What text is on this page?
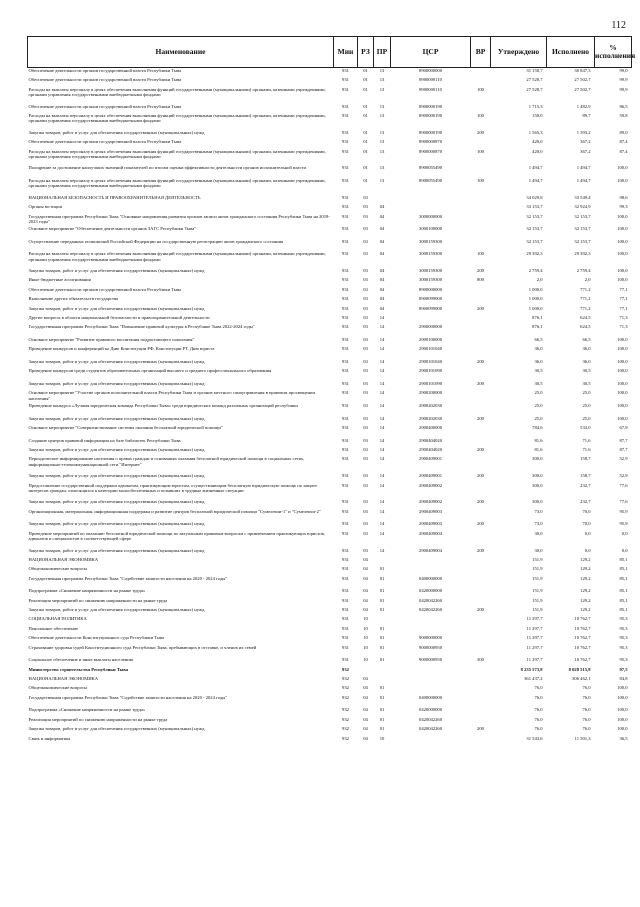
112
Наименование	Мин	РЗ	ПР	ЦСР	ВР	Утверждено	Исполнено	% исполнения
Обеспечение деятельности органов государственной власти Республики Тыва	931	01	13	8900000000		31 158,7	30 847,3	99,0
Обеспечение деятельности органов государственной власти Республики Тыва	931	01	13	8900000110		27 528,7	27 502,7	99,9
Расходы на выплаты персоналу в целях обеспечения выполнения функций государственными (муниципальными) органами, казенными учреждениями, органами управления государственными внебюджетными фондами	931	01	13	8900000110	100	27 528,7	27 502,7	99,9
Обеспечение деятельности органов государственной власти Республики Тыва	931	01	13	8900000190		1 715,3	1 482,9	86,5
Расходы на выплаты персоналу в целях обеспечения выполнения функций государственными (муниципальными) органами, казенными учреждениями, органами управления государственными внебюджетными фондами	931	01	13	8900000190	100	150,0	89,7	59,8
Закупка товаров, работ и услуг для обеспечения государственных (муниципальных) нужд	931	01	13	8900000190	200	1 565,3	1 393,2	89,0
Обеспечение деятельности органов государственной власти Республики Тыва	931	01	13	8900000870		420,0	367,2	87,4
Расходы на выплаты персоналу в целях обеспечения выполнения функций государственными (муниципальными) органами, казенными учреждениями, органами управления государственными внебюджетными фондами	931	01	13	8900000870	100	420,0	367,2	87,4
Поощрение за достижение наилучших значений показателей по итогам оценки эффективности деятельности органов исполнительной власти	931	01	13	8900055490		1 494,7	1 494,7	100,0
Расходы на выплаты персоналу в целях обеспечения выполнения функций государственными (муниципальными) органами, казенными учреждениями, органами управления государственными внебюджетными фондами	931	01	13	8900055490	100	1 494,7	1 494,7	100,0
НАЦИОНАЛЬНАЯ БЕЗОПАСНОСТЬ И ПРАВООХРАНИТЕЛЬНАЯ ДЕЯТЕЛЬНОСТЬ	931	03				34 029,8	33 549,4	98,6
Органы юстиции	931	03	04			33 153,7	32 924,9	99,3
Государственная программа Республики Тыва "Основные направления развития органов записи актов гражданского состояния Республики Тыва на 2018-2023 годы"	931	03	04	3000000000		32 153,7	32 153,7	100,0
Основное мероприятие "Обеспечение деятельности органов ЗАГС Республики Тыва"	931	03	04	3000100000		32 153,7	32 153,7	100,0
Осуществление переданных полномочий Российской Федерации на государственную регистрацию актов гражданского состояния	931	03	04	3000159300		32 153,7	32 153,7	100,0
Расходы на выплаты персоналу в целях обеспечения выполнения функций государственными (муниципальными) органами, казенными учреждениями, органами управления государственными внебюджетными фондами	931	03	04	3000159300	100	29 392,3	29 392,3	100,0
Закупка товаров, работ и услуг для обеспечения государственных (муниципальных) нужд	931	03	04	3000159300	200	2 759,4	2 759,4	100,0
Иные бюджетные ассигнования	931	03	04	3000159300	800	2,0	2,0	100,0
Обеспечение деятельности органов государственной власти Республики Тыва	931	03	04	8900000000		1 000,0	771,2	77,1
Выполнение других обязательств государства	931	03	04	8900099000		1 000,0	771,2	77,1
Закупка товаров, работ и услуг для обеспечения государственных (муниципальных) нужд	931	03	04	8900099000	200	1 000,0	771,2	77,1
Другие вопросы в области национальной безопасности и правоохранительной деятельности	931	03	14			876,1	624,5	71,3
Государственная программа Республики Тыва "Повышение правовой культуры в Республике Тыва 2022-2024 годы"	931	03	14	2900000000		876,1	624,5	71,3
Основное мероприятие "Развитие правового воспитания подрастающего поколения"	931	03	14	2900100000		66,5	66,5	100,0
Проведение конкурсов и конференций ко Дню Конституции РФ, Конституции РТ, Дню юриста	931	03	14	2900101040		36,0	36,0	100,0
Закупка товаров, работ и услуг для обеспечения государственных (муниципальных) нужд	931	03	14	2900101040	200	36,0	36,0	100,0
Проведение конкурсов среди студентов образовательных организаций высшего и среднего профессионального образования	931	03	14	2900101090		30,5	30,5	100,0
Закупка товаров, работ и услуг для обеспечения государственных (муниципальных) нужд	931	03	14	2900101090	200	30,5	30,5	100,0
Основное мероприятие "Участие органов исполнительной власти Республики Тыва и органов местного самоуправления в правовом просвещении населения"	931	03	14	2900200000		25,0	25,0	100,0
Проведение конкурса «Лучшая юридическая команда Республики Тыва» среди юридических команд различных организаций республики	931	03	14	2900202030		25,0	25,0	100,0
Закупка товаров, работ и услуг для обеспечения государственных (муниципальных) нужд	931	03	14	2900202030	200	25,0	25,0	100,0
Основное мероприятие "Совершенствование системы оказания бесплатной юридической помощи"	931	03	14	2900400000		784,6	533,0	67,9
Создание центров правовой информации на базе библиотек Республики Тыва	931	03	14	2900404020		81,6	71,6	87,7
Закупка товаров, работ и услуг для обеспечения государственных (муниципальных) нужд	931	03	14	2900404020	200	81,6	71,6	87,7
Периодическое информирование населения о правах граждан и основаниях оказания бесплатной юридической помощи в социальных сетях, информационно-телекоммуникационной сети "Интернет"	931	03	14	2900409001		300,0	158,7	52,9
Закупка товаров, работ и услуг для обеспечения государственных (муниципальных) нужд	931	03	14	2900409001	200	300,0	158,7	52,9
Предоставление государственной поддержки адвокатам, практикующим юристам, осуществляющим бесплатную юридическую помощь по защите интересов граждан, относящихся к категории малообеспеченных и попавших в трудные жизненные ситуации	931	03	14	2900409002		300,0	232,7	77,6
Закупка товаров, работ и услуг для обеспечения государственных (муниципальных) нужд	931	03	14	2900409002	200	300,0	232,7	77,6
Организационная, материальная, информационная поддержка и развитие центров бесплатной юридической помощи "Сумелекчи-1" и "Сумелекчи-2"	931	03	14	2900409003		73,0	70,0	95,9
Закупка товаров, работ и услуг для обеспечения государственных (муниципальных) нужд	931	03	14	2900409003	200	73,0	70,0	95,9
Проведение мероприятий по оказанию бесплатной юридической помощи по актуальным правовым вопросам с привлечением практикующих юристов, адвокатов и специалистов в соответствующей сфере	931	03	14	2900409004		30,0	0,0	0,0
Закупка товаров, работ и услуг для обеспечения государственных (муниципальных) нужд	931	03	14	2900409004	200	30,0	0,0	0,0
НАЦИОНАЛЬНАЯ ЭКОНОМИКА	931	04				151,9	129,2	85,1
Общеэкономические вопросы	931	04	01			151,9	129,2	85,1
Государственная программа Республики Тыва "Содействие занятости населения на 2020 - 2024 годы"	931	04	01	0400000000		151,9	129,2	85,1
Подпрограмма «Снижение напряженности на рынке труда»	931	04	01	0420000000		151,9	129,2	85,1
Реализация мероприятий по снижению напряженности на рынке труда	931	04	01	0420042260		151,9	129,2	85,1
Закупка товаров, работ и услуг для обеспечения государственных (муниципальных) нужд	931	04	01	0420042260	200	151,9	129,2	85,1
СОЦИАЛЬНАЯ ПОЛИТИКА	931	10				11 297,7	10 762,7	95,3
Пенсионное обеспечение	931	10	01			11 297,7	10 762,7	95,3
Обеспечение деятельности Конституционного суда Республики Тыва	931	10	01	9000000000		11 297,7	10 762,7	95,3
Страхование здоровья судей Конституционного суда Республики Тыва, пребывающих в отставке, и членов их семей	931	10	01	9000000950		11 297,7	10 762,7	95,3
Социальное обеспечение и иные выплаты населению	931	10	01	9000000950	300	11 297,7	10 762,7	95,3
Министерство строительства Республики Тыва	932					8 235 573,8	8 028 515,8	97,5
НАЦИОНАЛЬНАЯ ЭКОНОМИКА	932	04				361 437,2	306 462,1	84,8
Общеэкономические вопросы	932	04	01			76,0	76,0	100,0
Государственная программа Республики Тыва "Содействие занятости населения на 2020 - 2024 годы"	932	04	01	0400000000		76,0	76,0	100,0
Подпрограмма «Снижение напряженности на рынке труда»	932	04	01	0420000000		76,0	76,0	100,0
Реализация мероприятий по снижению напряженности на рынке труда	932	04	01	0420042260		76,0	76,0	100,0
Закупка товаров, работ и услуг для обеспечения государственных (муниципальных) нужд	932	04	01	0420042260	200	76,0	76,0	100,0
Связь и информатика	932	04	10			31 543,6	11 501,3	36,5
